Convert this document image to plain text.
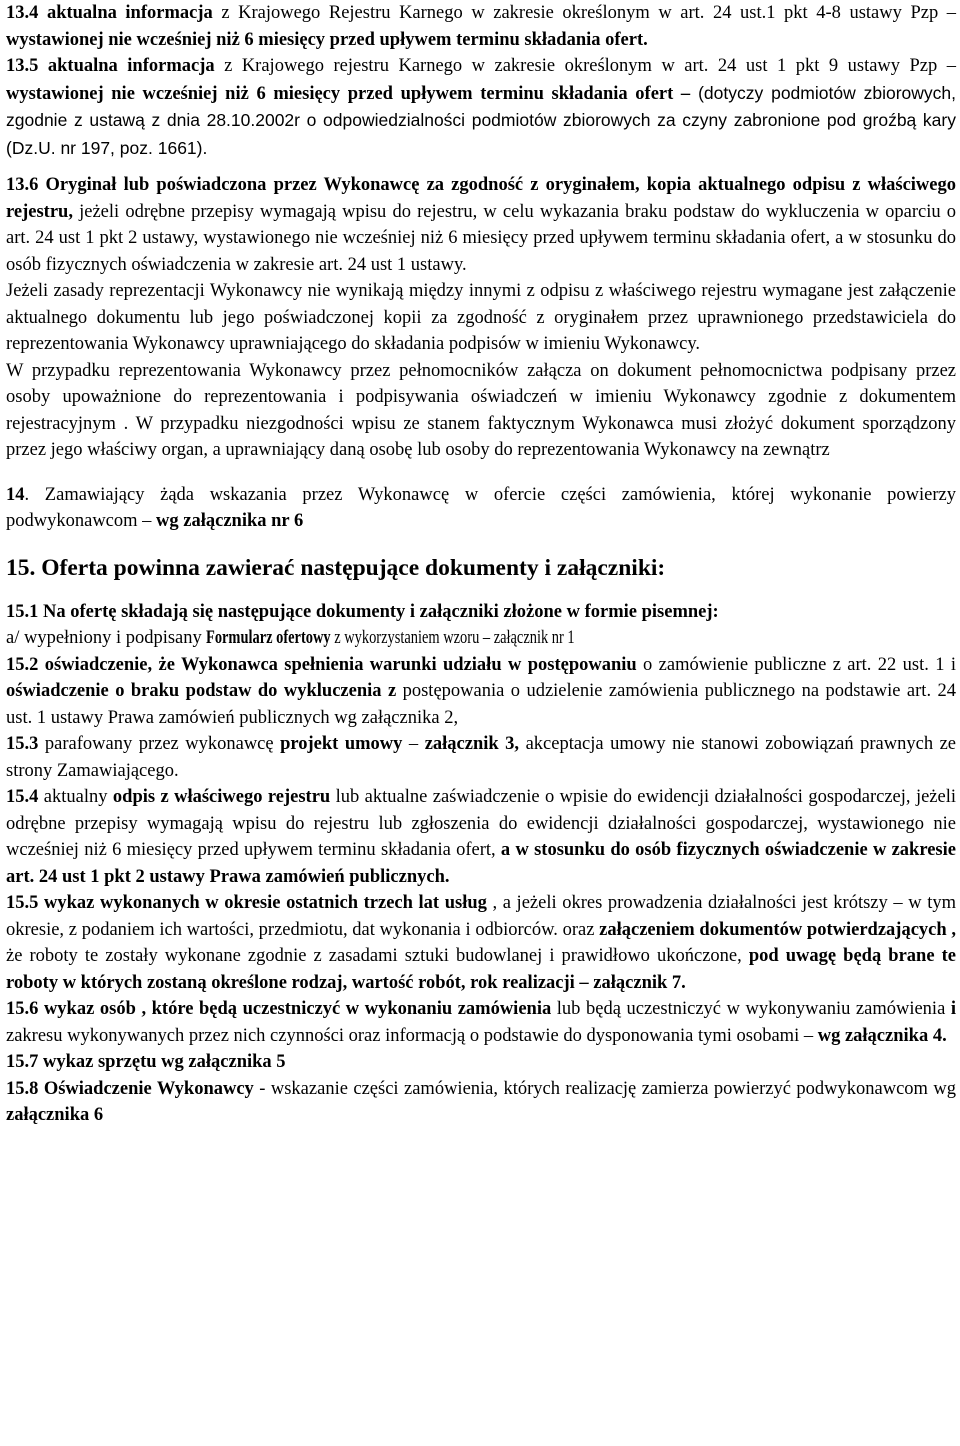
13.4 aktualna informacja z Krajowego Rejestru Karnego w zakresie określonym w art. 24 ust.1 pkt 4-8 ustawy Pzp – wystawionej nie wcześniej niż 6 miesięcy przed upływem terminu składania ofert.

13.5 aktualna informacja z Krajowego rejestru Karnego w zakresie określonym w art. 24 ust 1 pkt 9 ustawy Pzp – wystawionej nie wcześniej niż 6 miesięcy przed upływem terminu składania ofert – (dotyczy podmiotów zbiorowych, zgodnie z ustawą z dnia 28.10.2002r o odpowiedzialności podmiotów zbiorowych za czyny zabronione pod groźbą kary (Dz.U. nr 197, poz. 1661).

13.6 Oryginał lub poświadczona przez Wykonawcę za zgodność z oryginałem, kopia aktualnego odpisu z właściwego rejestru, jeżeli odrębne przepisy wymagają wpisu do rejestru, w celu wykazania braku podstaw do wykluczenia w oparciu o art. 24 ust 1 pkt 2 ustawy, wystawionego nie wcześniej niż 6 miesięcy przed upływem terminu składania ofert, a w stosunku do osób fizycznych oświadczenia w zakresie art. 24 ust 1 ustawy.

Jeżeli zasady reprezentacji Wykonawcy nie wynikają między innymi z odpisu z właściwego rejestru wymagane jest załączenie aktualnego dokumentu lub jego poświadczonej kopii za zgodność z oryginałem przez uprawnionego przedstawiciela do reprezentowania Wykonawcy uprawniającego do składania podpisów w imieniu Wykonawcy.

W przypadku reprezentowania Wykonawcy przez pełnomocników załącza on dokument pełnomocnictwa podpisany przez osoby upoważnione do reprezentowania i podpisywania oświadczeń w imieniu Wykonawcy zgodnie z dokumentem rejestracyjnym . W przypadku niezgodności wpisu ze stanem faktycznym Wykonawca musi złożyć dokument sporządzony przez jego właściwy organ, a uprawniający daną osobę lub osoby do reprezentowania Wykonawcy na zewnątrz

14. Zamawiający żąda wskazania przez Wykonawcę w ofercie części zamówienia, której wykonanie powierzy podwykonawcom – wg załącznika nr 6

15. Oferta powinna zawierać następujące dokumenty i załączniki:

15.1 Na ofertę składają się następujące dokumenty i załączniki złożone w formie pisemnej:

a/ wypełniony i podpisany Formularz ofertowy z wykorzystaniem wzoru – załącznik nr 1

15.2 oświadczenie, że Wykonawca spełnienia warunki udziału w postępowaniu o zamówienie publiczne z art. 22 ust. 1 i oświadczenie o braku podstaw do wykluczenia z postępowania o udzielenie zamówienia publicznego na podstawie art. 24 ust. 1 ustawy Prawa zamówień publicznych wg załącznika 2,

15.3 parafowany przez wykonawcę projekt umowy – załącznik 3, akceptacja umowy nie stanowi zobowiązań prawnych ze strony Zamawiającego.

15.4 aktualny odpis z właściwego rejestru lub aktualne zaświadczenie o wpisie do ewidencji działalności gospodarczej, jeżeli odrębne przepisy wymagają wpisu do rejestru lub zgłoszenia do ewidencji działalności gospodarczej, wystawionego nie wcześniej niż 6 miesięcy przed upływem terminu składania ofert, a w stosunku do osób fizycznych oświadczenie w zakresie art. 24 ust 1 pkt 2 ustawy Prawa zamówień publicznych.

15.5 wykaz wykonanych w okresie ostatnich trzech lat usług , a jeżeli okres prowadzenia działalności jest krótszy – w tym okresie, z podaniem ich wartości, przedmiotu, dat wykonania i odbiorców. oraz załączeniem dokumentów potwierdzających , że roboty te zostały wykonane zgodnie z zasadami sztuki budowlanej i prawidłowo ukończone, pod uwagę będą brane te roboty w których zostaną określone rodzaj, wartość robót, rok realizacji – załącznik 7.

15.6 wykaz osób , które będą uczestniczyć w wykonaniu zamówienia lub będą uczestniczyć w wykonywaniu zamówienia i zakresu wykonywanych przez nich czynności oraz informacją o podstawie do dysponowania tymi osobami – wg załącznika 4.

15.7 wykaz sprzętu wg załącznika 5

15.8 Oświadczenie Wykonawcy - wskazanie części zamówienia, których realizację zamierza powierzyć podwykonawcom wg załącznika 6
